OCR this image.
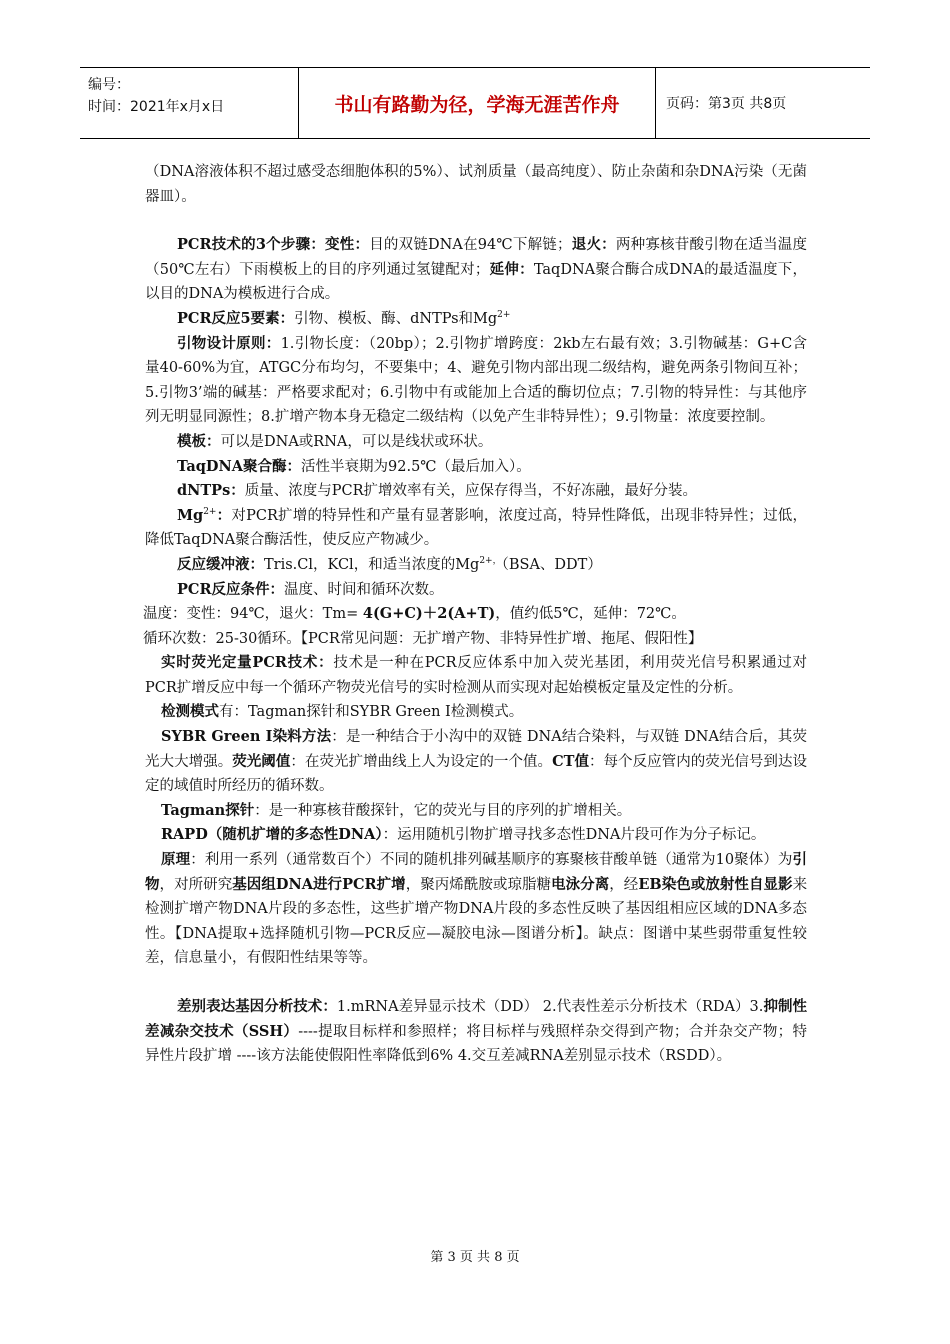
编号：
时间：2021年x月x日	书山有路勤为径，学海无涯苦作舟	页码：第3页 共8页

（DNA溶液体积不超过感受态细胞体积的5%）、试剂质量（最高纯度）、防止杂菌和杂DNA污染（无菌器皿）。

PCR技术的3个步骤：变性：目的双链DNA在94℃下解链；退火：两种寡核苷酸引物在适当温度（50℃左右）下雨模板上的目的序列通过氢键配对；延伸：TaqDNA聚合酶合成DNA的最适温度下，以目的DNA为模板进行合成。

PCR反应5要素：引物、模板、酶、dNTPs和$Mg^{2+}$

引物设计原则：1.引物长度：（20bp）；2.引物扩增跨度：2kb左右最有效；3.引物碱基：G+C含量40-60%为宜，ATGC分布均匀，不要集中；4、避免引物内部出现二级结构，避免两条引物间互补；5.引物3’端的碱基：严格要求配对；6.引物中有或能加上合适的酶切位点；7.引物的特异性：与其他序列无明显同源性；8.扩增产物本身无稳定二级结构（以免产生非特异性）；9.引物量：浓度要控制。

模板：可以是DNA或RNA，可以是线状或环状。

TaqDNA聚合酶：活性半衰期为92.5℃（最后加入）。

dNTPs：质量、浓度与PCR扩增效率有关，应保存得当，不好冻融，最好分装。

$Mg^{2+}$：对PCR扩增的特异性和产量有显著影响，浓度过高，特异性降低，出现非特异性；过低，降低TaqDNA聚合酶活性，使反应产物减少。

反应缓冲液：Tris.Cl，KCl，和适当浓度的$Mg^{2+,}(BSA$、DDT）

PCR反应条件：温度、时间和循环次数。

温度：变性：94℃，退火：Tm= 4(G+C)＋2(A+T)，值约低5℃，延伸：72℃。

循环次数：25-30循环。【PCR常见问题：无扩增产物、非特异性扩增、拖尾、假阳性】

实时荧光定量PCR技术：技术是一种在PCR反应体系中加入荧光基团，利用荧光信号积累通过对 PCR扩增反应中每一个循环产物荧光信号的实时检测从而实现对起始模板定量及定性的分析。

检测模式有：Tagman探针和SYBR Green I检测模式。

SYBR Green I染料方法：是一种结合于小沟中的双链 DNA结合染料，与双链 DNA结合后，其荧光大大增强。荧光阈值：在荧光扩增曲线上人为设定的一个值。CT值：每个反应管内的荧光信号到达设定的域值时所经历的循环数。

Tagman探针：是一种寡核苷酸探针，它的荧光与目的序列的扩增相关。

RAPD（随机扩增的多态性DNA）：运用随机引物扩增寻找多态性DNA片段可作为分子标记。

原理：利用一系列（通常数百个）不同的随机排列碱基顺序的寡聚核苷酸单链（通常为10聚体）为引物，对所研究基因组DNA进行PCR扩增，聚丙烯酰胺或琼脂糖电泳分离，经EB染色或放射性自显影来检测扩增产物DNA片段的多态性，这些扩增产物DNA片段的多态性反映了基因组相应区域的DNA多态性。【DNA提取+选择随机引物—PCR反应—凝胶电泳—图谱分析】。缺点：图谱中某些弱带重复性较差，信息量小，有假阳性结果等等。

差别表达基因分析技术：1.mRNA差异显示技术（DD） 2.代表性差示分析技术（RDA）3.抑制性差减杂交技术（SSH）----提取目标样和参照样；将目标样与残照样杂交得到产物；合并杂交产物；特异性片段扩增 ----该方法能使假阳性率降低到6% 4.交互差减RNA差别显示技术（RSDD）。

第 3 页 共 8 页
